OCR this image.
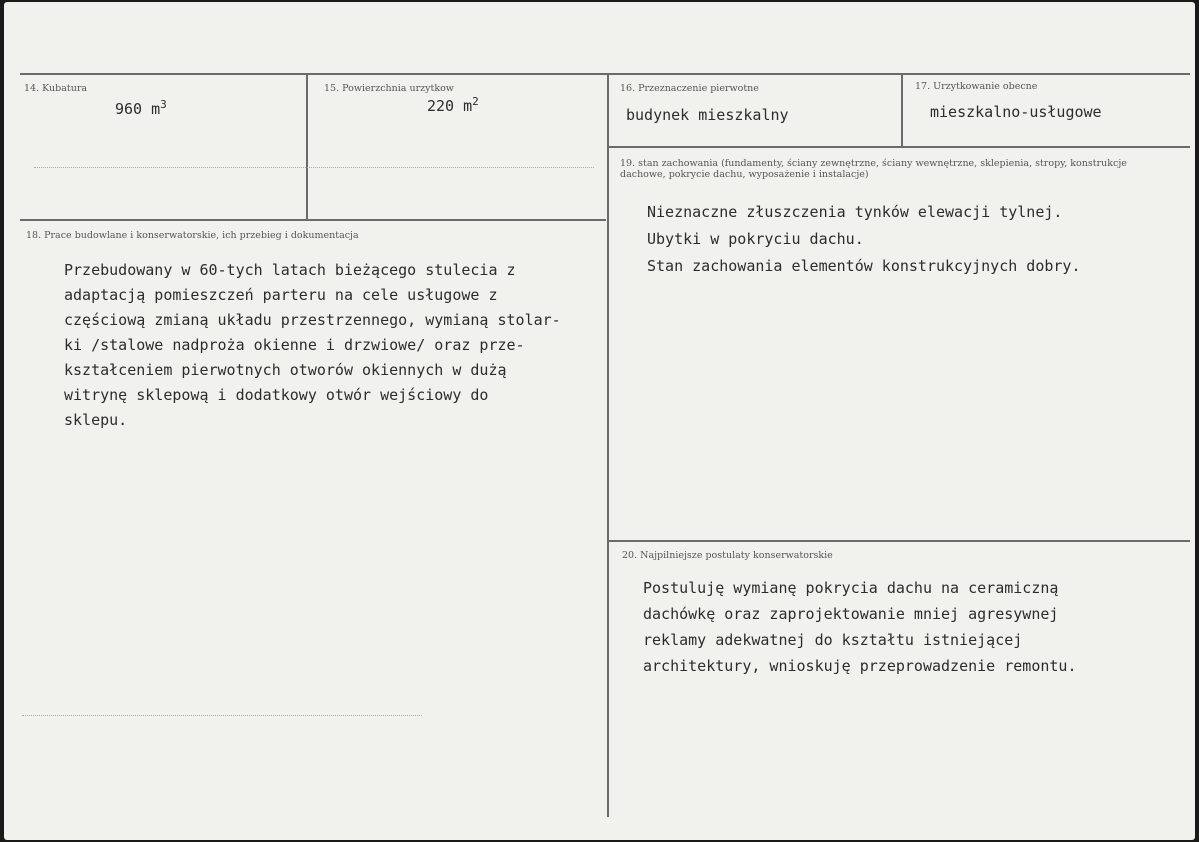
14. Kubatura
960 $m^3$
15. Powierzchnia urzytkow
220 $m^2$
16. Przeznaczenie pierwotne
budynek mieszkalny
17. Urzytkowanie obecne
mieszkalno-usługowe
18. Prace budowlane i konserwatorskie, ich przebieg i dokumentacja
Przebudowany w 60-tych latach bieżącego stulecia z
adaptacją pomieszczeń parteru na cele usługowe z
częściową zmianą układu przestrzennego, wymianą stolar-
ki /stalowe nadproża okienne i drzwiowe/ oraz prze-
kształceniem pierwotnych otworów okiennych w dużą
witrynę sklepową i dodatkowy otwór wejściowy do
sklepu.
19. stan zachowania (fundamenty, ściany zewnętrzne, ściany wewnętrzne, sklepienia, stropy, konstrukcje dachowe, pokrycie dachu, wyposażenie i instalacje)
Nieznaczne złuszczenia tynków elewacji tylnej.
Ubytki w pokryciu dachu.
Stan zachowania elementów konstrukcyjnych dobry.
20. Najpilniejsze postulaty konserwatorskie
Postuluję wymianę pokrycia dachu na ceramiczną
dachówkę oraz zaprojektowanie mniej agresywnej
reklamy adekwatnej do kształtu istniejącej
architektury, wnioskuję przeprowadzenie remontu.
